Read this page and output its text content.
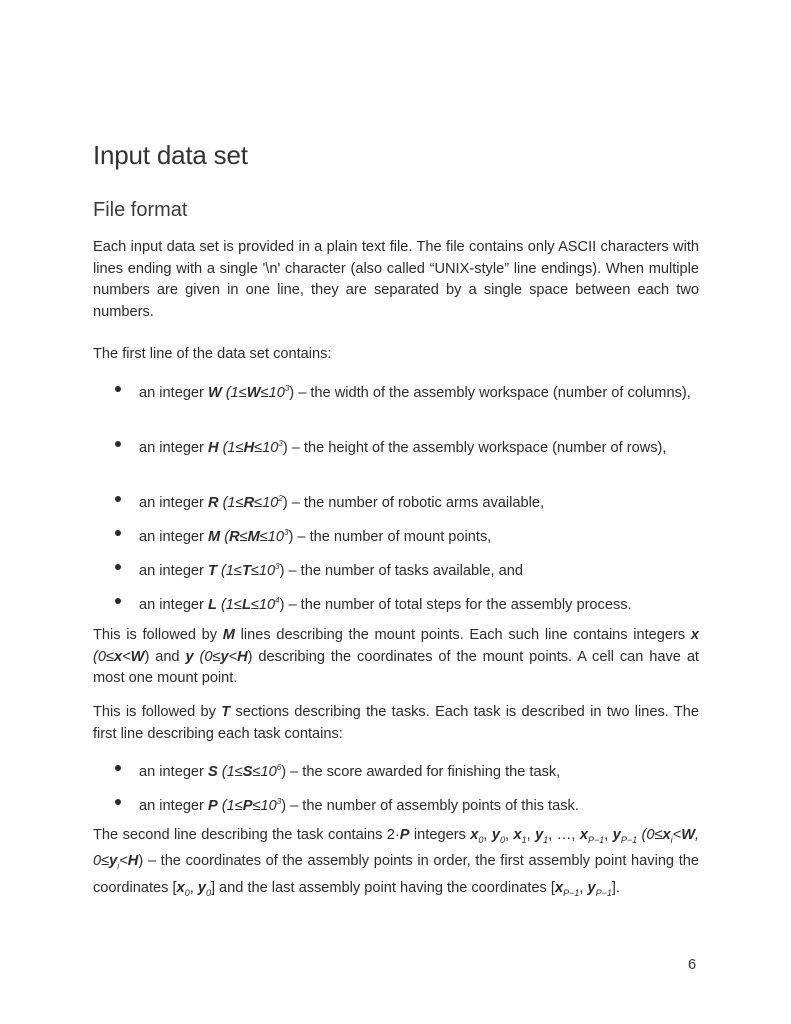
Input data set
File format

Each input data set is provided in a plain text file. The file contains only ASCII characters with lines ending with a single '\n' character (also called “UNIX-style” line endings). When multiple numbers are given in one line, they are separated by a single space between each two numbers.

The first line of the data set contains:

an integer W $(1\le W\le 10^3)$ – the width of the assembly workspace (number of columns),

an integer H $(1\le H\le 10^3)$ – the height of the assembly workspace (number of rows),

an integer R $(1\le R\le 10^2)$ – the number of robotic arms available,

an integer M $(R\le M\le 10^3)$ – the number of mount points,

an integer T $(1\le T\le 10^3)$ – the number of tasks available, and

an integer L $(1\le L\le 10^4)$ – the number of total steps for the assembly process.

This is followed by M lines describing the mount points. Each such line contains integers x (0≤x<W) and y (0≤y<H) describing the coordinates of the mount points. A cell can have at most one mount point.

This is followed by T sections describing the tasks. Each task is described in two lines. The first line describing each task contains:

an integer S $(1\le S\le 10^6)$ – the score awarded for finishing the task,

an integer P $(1\le P\le 10^3)$ – the number of assembly points of this task.

The second line describing the task contains 2·P integers $x_0$, $y_0$, $x_1$, $y_1$, …, $x_{P-1}$, $y_{P-1}$ ($0\le x_i<W$, $0\le y_i<H$) – the coordinates of the assembly points in order, the first assembly point having the coordinates [$x_0$, $y_0$] and the last assembly point having the coordinates [$x_{P-1}$, $y_{P-1}$].

6
